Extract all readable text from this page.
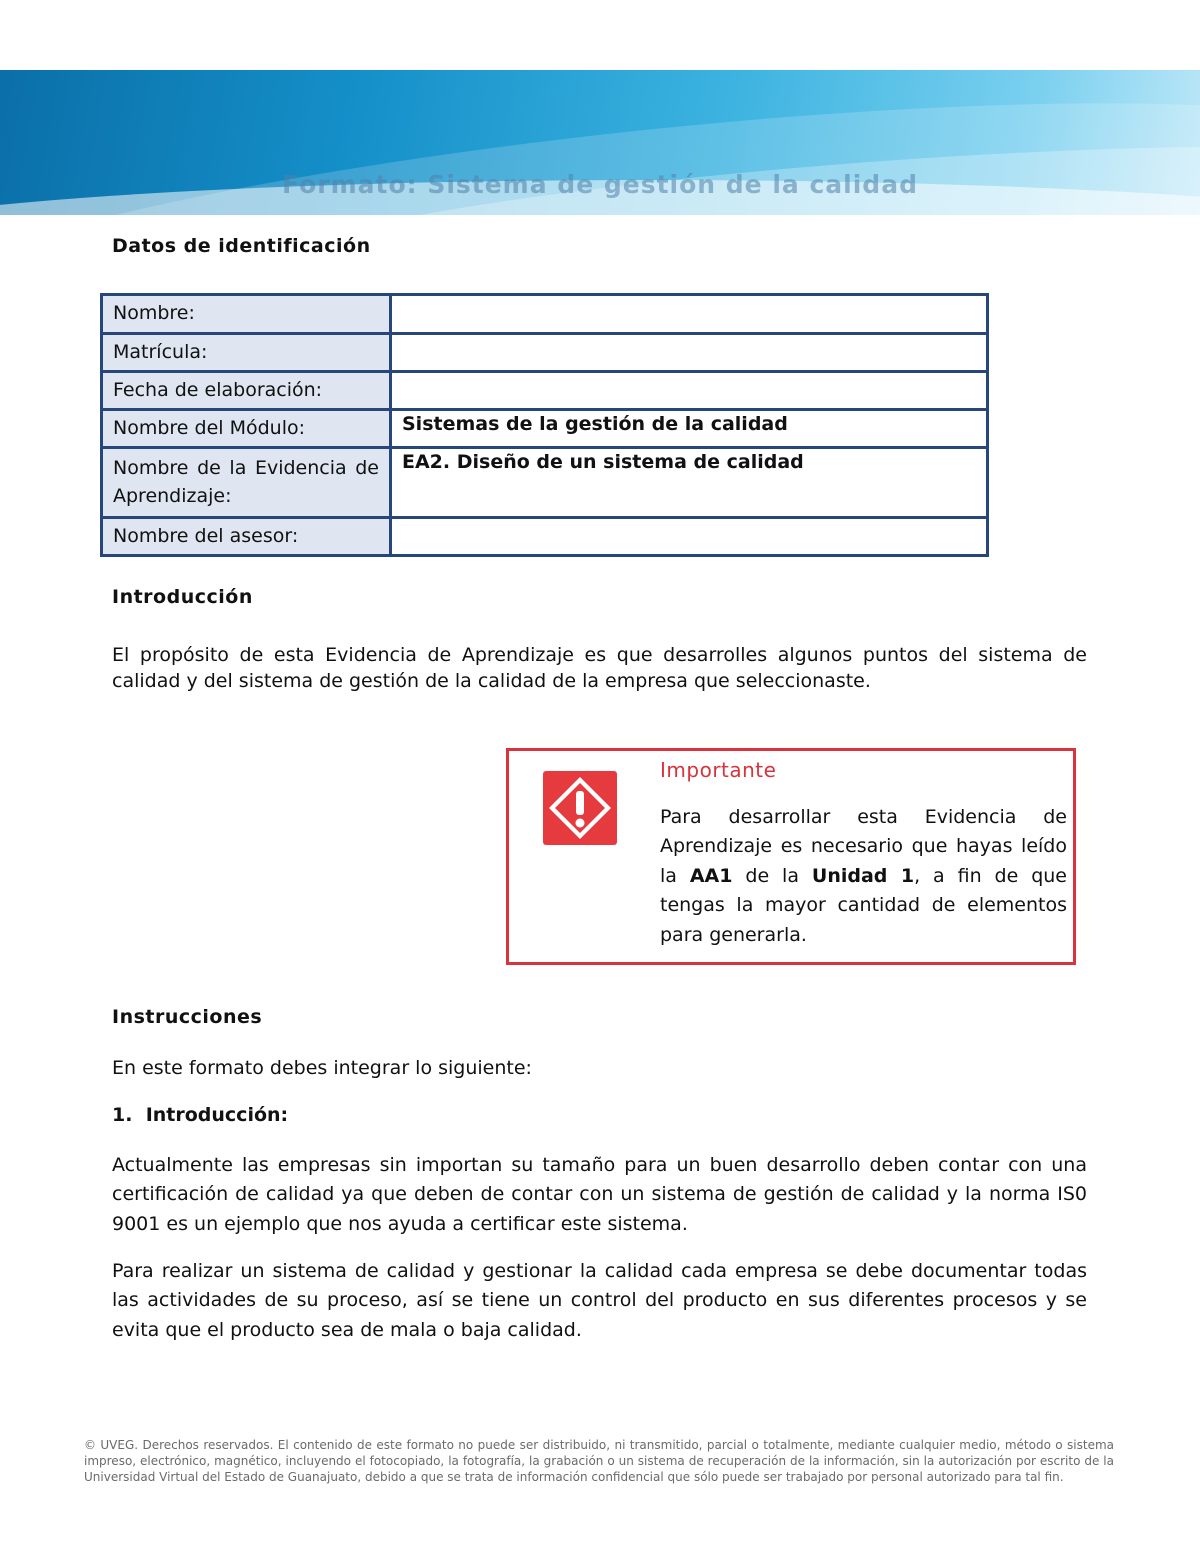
Formato: Sistema de gestión de la calidad
Datos de identificación
Nombre:	
Matrícula:	
Fecha de elaboración:	
Nombre del Módulo:	Sistemas de la gestión de la calidad
Nombre de la Evidencia de Aprendizaje:	EA2. Diseño de un sistema de calidad
Nombre del asesor:	
Introducción
El propósito de esta Evidencia de Aprendizaje es que desarrolles algunos puntos del sistema de calidad y del sistema de gestión de la calidad de la empresa que seleccionaste.
Importante
Para desarrollar esta Evidencia de Aprendizaje es necesario que hayas leído la AA1 de la Unidad 1, a fin de que tengas la mayor cantidad de elementos para generarla.
Instrucciones
En este formato debes integrar lo siguiente:
1. Introducción:
Actualmente las empresas sin importan su tamaño para un buen desarrollo deben contar con una certificación de calidad ya que deben de contar con un sistema de gestión de calidad y la norma IS0 9001 es un ejemplo que nos ayuda a certificar este sistema.
Para realizar un sistema de calidad y gestionar la calidad cada empresa se debe documentar todas las actividades de su proceso, así se tiene un control del producto en sus diferentes procesos y se evita que el producto sea de mala o baja calidad.
© UVEG. Derechos reservados. El contenido de este formato no puede ser distribuido, ni transmitido, parcial o totalmente, mediante cualquier medio, método o sistema impreso, electrónico, magnético, incluyendo el fotocopiado, la fotografía, la grabación o un sistema de recuperación de la información, sin la autorización por escrito de la Universidad Virtual del Estado de Guanajuato, debido a que se trata de información confidencial que sólo puede ser trabajado por personal autorizado para tal fin.
